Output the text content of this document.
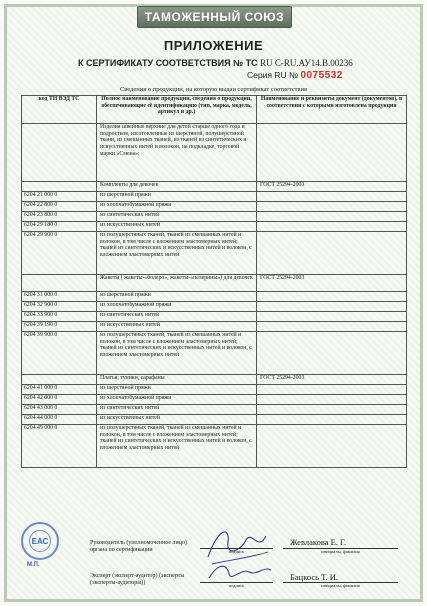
ТАМОЖЕННЫЙ СОЮЗ
ПРИЛОЖЕНИЕ
К СЕРТИФИКАТУ СООТВЕТСТВИЯ № ТС RU C-RU.АУ14.В.00236
Серия RU № 0075532
Сведения о продукции, на которую выдан сертификат соответствия
код ТН ВЭД ТС	Полное наименование продукции, сведения о продукции, обеспечивающие её идентификацию (тип, марка, модель, артикул и др.)	Наименование и реквизиты документ (документов), в соответствии с которыми изготовлена продукция
	Изделия швейные верхние для детей старше одного года и подростков, изготовленные из шерстяной, полушерстяной ткани, из смешанных тканей, из тканей из синтетических и искусственных нитей и волокон, на подкладке, торговой марки «Смена»:	
	Комплекты для девочек	ГОСТ 25294-2003
6204 21 000 0	из шерстяной пряжи	
6204 22 800 0	из хлопчатобумажной пряжи	
6204 23 800 0	из синтетических нитей	
6204 29 180 0	из искусственных нитей	
6204 29 900 0	из полушерстяных тканей, тканей из смешанных нитей и волокон, в том числе с вложением эластомерных нитей; тканей из синтетических и искусственных нитей и волокон, с вложением эластомерных нитей	
	Жакеты ( жакеты-«болеро», жакеты-«пелерины») для девочек	ГОСТ 25294-2003
6204 31 000 0	из шерстяной пряжи	
6204 32 900 0	из хлопчатобумажной пряжи	
6204 33 900 0	из синтетических нитей	
6204 39 190 0	из искусственных нитей	
6204 39 900 0	из полушерстяных тканей, тканей из смешанных нитей и волокон, в том числе с вложением эластомерных нитей; тканей из синтетических и искусственных нитей и волокон, с вложением эластомерных нитей	
	Платья, туники, сарафаны	ГОСТ 25294-2003
6204 41 000 0	из шерстяной пряжи	
6204 42 000 0	из хлопчатобумажной пряжи	
6204 43 000 0	из синтетических нитей	
6204 44 000 0	из искусственных нитей	
6204 49 000 0	из полушерстяных тканей, тканей из смешанных нитей и волокон, в том числе с вложением эластомерных нитей; тканей из синтетических и искусственных нитей и волокон, с вложением эластомерных нитей	
ЕАС
М.П.
Руководитель (уполномоченное лицо) органа по сертификации	подпись
Жевлакова Е. Г.
инициалы, фамилия
Эксперт (эксперт-аудитор) (эксперты (эксперты-аудиторы))	подпись
Бацкось Т. И.
инициалы, фамилия
